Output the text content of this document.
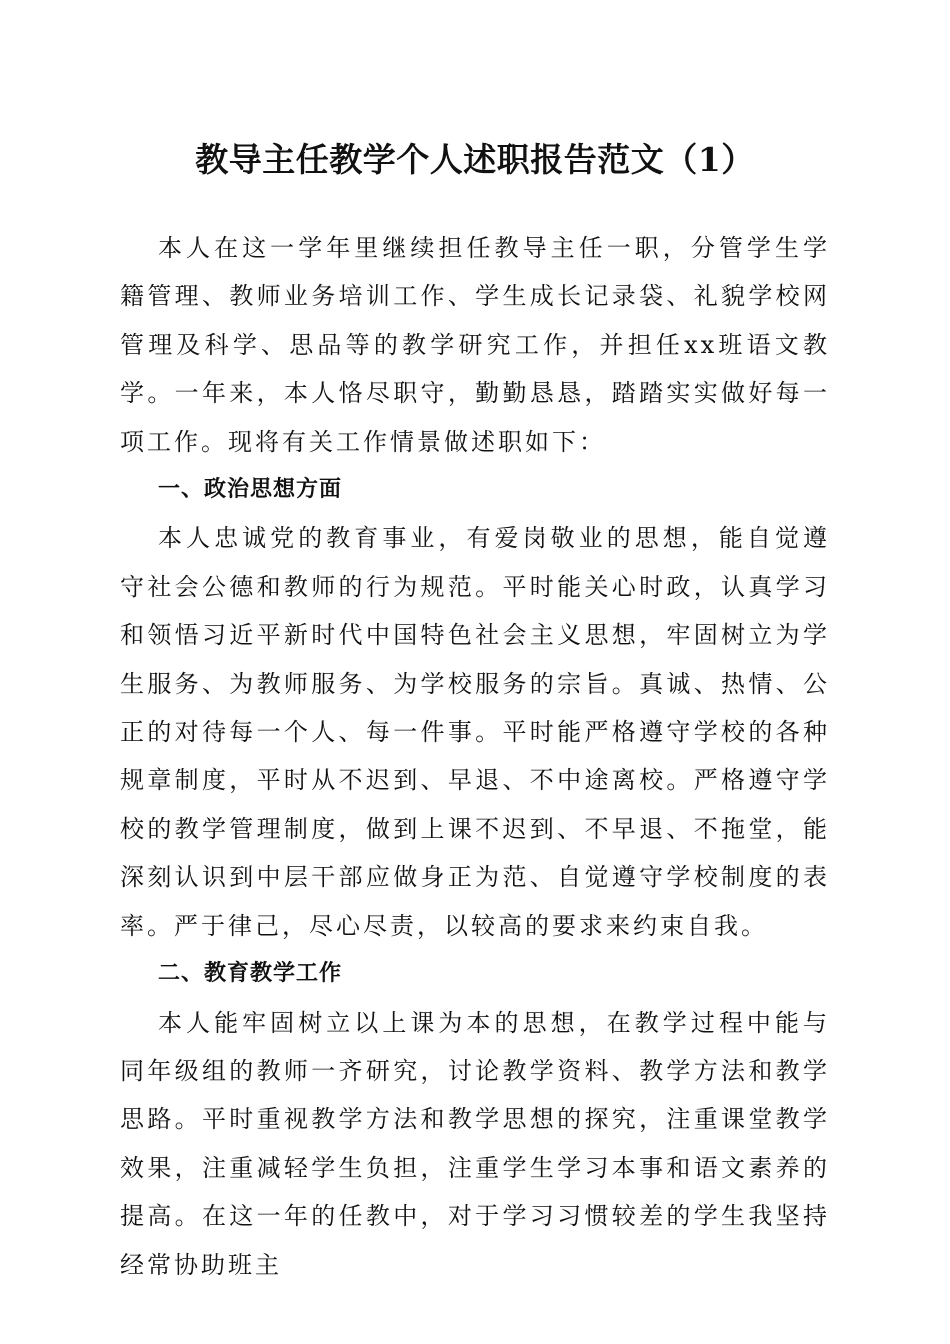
教导主任教学个人述职报告范文（1）

本人在这一学年里继续担任教导主任一职，分管学生学籍管理、教师业务培训工作、学生成长记录袋、礼貌学校网管理及科学、思品等的教学研究工作，并担任xx班语文教学。一年来，本人恪尽职守，勤勤恳恳，踏踏实实做好每一项工作。现将有关工作情景做述职如下：

一、政治思想方面

本人忠诚党的教育事业，有爱岗敬业的思想，能自觉遵守社会公德和教师的行为规范。平时能关心时政，认真学习和领悟习近平新时代中国特色社会主义思想，牢固树立为学生服务、为教师服务、为学校服务的宗旨。真诚、热情、公正的对待每一个人、每一件事。平时能严格遵守学校的各种规章制度，平时从不迟到、早退、不中途离校。严格遵守学校的教学管理制度，做到上课不迟到、不早退、不拖堂，能深刻认识到中层干部应做身正为范、自觉遵守学校制度的表率。严于律己，尽心尽责，以较高的要求来约束自我。

二、教育教学工作

本人能牢固树立以上课为本的思想，在教学过程中能与同年级组的教师一齐研究，讨论教学资料、教学方法和教学思路。平时重视教学方法和教学思想的探究，注重课堂教学效果，注重减轻学生负担，注重学生学习本事和语文素养的提高。在这一年的任教中，对于学习习惯较差的学生我坚持经常协助班主
